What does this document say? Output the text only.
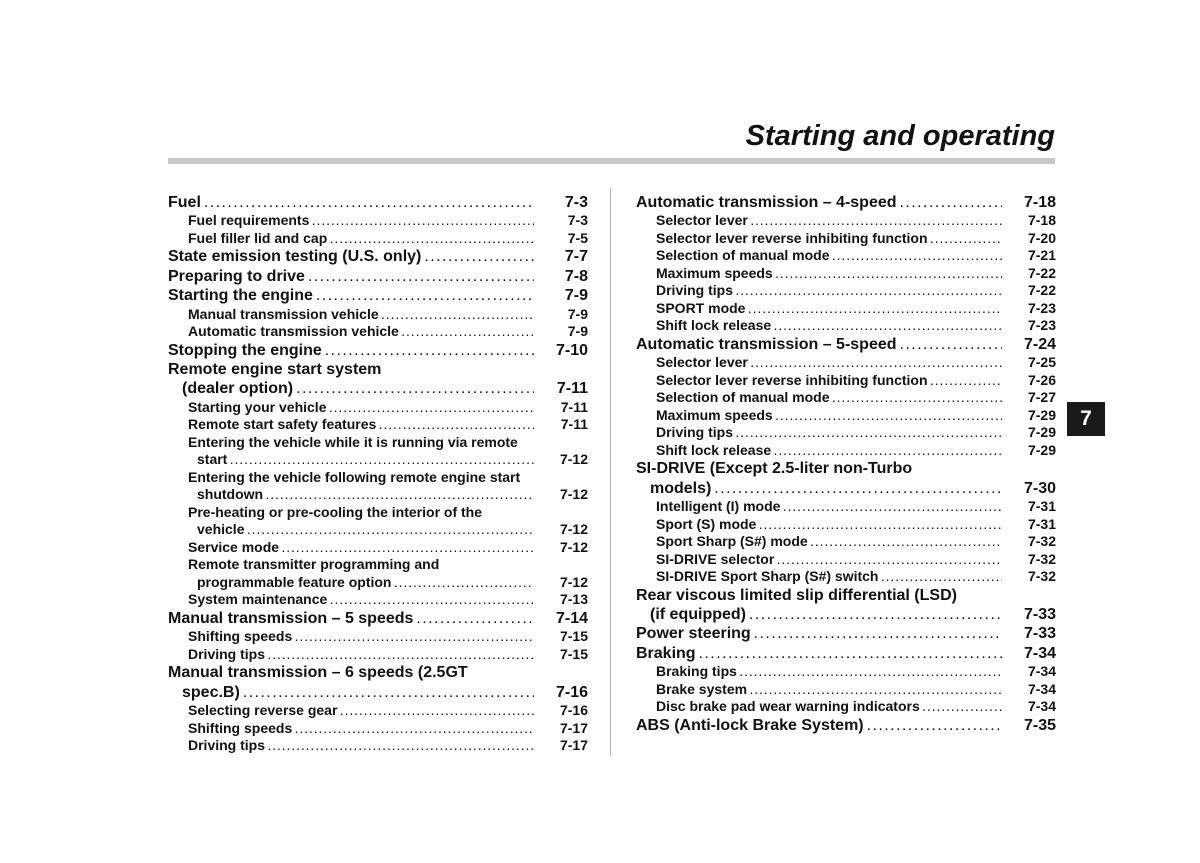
Starting and operating
Fuel . . .	7-3
Fuel requirements . . .	7-3
Fuel filler lid and cap . . .	7-5
State emission testing (U.S. only) . . .	7-7
Preparing to drive . . .	7-8
Starting the engine . . .	7-9
Manual transmission vehicle . . .	7-9
Automatic transmission vehicle . . .	7-9
Stopping the engine . . .	7-10
Remote engine start system
(dealer option) . . .	7-11
Starting your vehicle . . .	7-11
Remote start safety features . . .	7-11
Entering the vehicle while it is running via remote
start . . .	7-12
Entering the vehicle following remote engine start
shutdown . . .	7-12
Pre-heating or pre-cooling the interior of the
vehicle . . .	7-12
Service mode . . .	7-12
Remote transmitter programming and
programmable feature option . . .	7-12
System maintenance . . .	7-13
Manual transmission – 5 speeds . . .	7-14
Shifting speeds . . .	7-15
Driving tips . . .	7-15
Manual transmission – 6 speeds (2.5GT
spec.B) . . .	7-16
Selecting reverse gear . . .	7-16
Shifting speeds . . .	7-17
Driving tips . . .	7-17
Automatic transmission – 4-speed . . .	7-18
Selector lever . . .	7-18
Selector lever reverse inhibiting function . . .	7-20
Selection of manual mode . . .	7-21
Maximum speeds . . .	7-22
Driving tips . . .	7-22
SPORT mode . . .	7-23
Shift lock release . . .	7-23
Automatic transmission – 5-speed . . .	7-24
Selector lever . . .	7-25
Selector lever reverse inhibiting function . . .	7-26
Selection of manual mode . . .	7-27
Maximum speeds . . .	7-29
Driving tips . . .	7-29
Shift lock release . . .	7-29
SI-DRIVE (Except 2.5-liter non-Turbo
models) . . .	7-30
Intelligent (I) mode . . .	7-31
Sport (S) mode . . .	7-31
Sport Sharp (S#) mode . . .	7-32
SI-DRIVE selector . . .	7-32
SI-DRIVE Sport Sharp (S#) switch . . .	7-32
Rear viscous limited slip differential (LSD)
(if equipped) . . .	7-33
Power steering . . .	7-33
Braking . . .	7-34
Braking tips . . .	7-34
Brake system . . .	7-34
Disc brake pad wear warning indicators . . .	7-34
ABS (Anti-lock Brake System) . . .	7-35
7
